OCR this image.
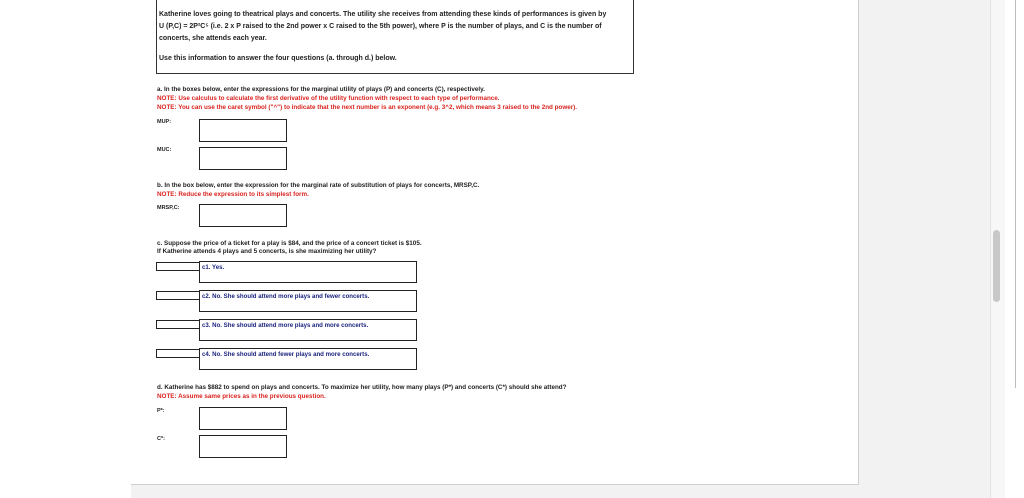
Katherine loves going to theatrical plays and concerts. The utility she receives from attending these kinds of performances is given by
U (P,C) = 2P²C⁵ (i.e. 2 x P raised to the 2nd power x C raised to the 5th power), where P is the number of plays, and C is the number of
concerts, she attends each year.
Use this information to answer the four questions (a. through d.) below.
a. In the boxes below, enter the expressions for the marginal utility of plays (P) and concerts (C), respectively.
NOTE: Use calculus to calculate the first derivative of the utility function with respect to each type of performance.
NOTE: You can use the caret symbol ("^") to indicate that the next number is an exponent (e.g. 3^2, which means 3 raised to the 2nd power).
MUP:
MUC:
b. In the box below, enter the expression for the marginal rate of substitution of plays for concerts, MRSP,C.
NOTE: Reduce the expression to its simplest form.
MRSP,C:
c. Suppose the price of a ticket for a play is $84, and the price of a concert ticket is $105.
If Katherine attends 4 plays and 5 concerts, is she maximizing her utility?
c1. Yes.
c2. No. She should attend more plays and fewer concerts.
c3. No. She should attend more plays and more concerts.
c4. No. She should attend fewer plays and more concerts.
d. Katherine has $882 to spend on plays and concerts. To maximize her utility, how many plays (P*) and concerts (C*) should she attend?
NOTE: Assume same prices as in the previous question.
P*:
C*:
